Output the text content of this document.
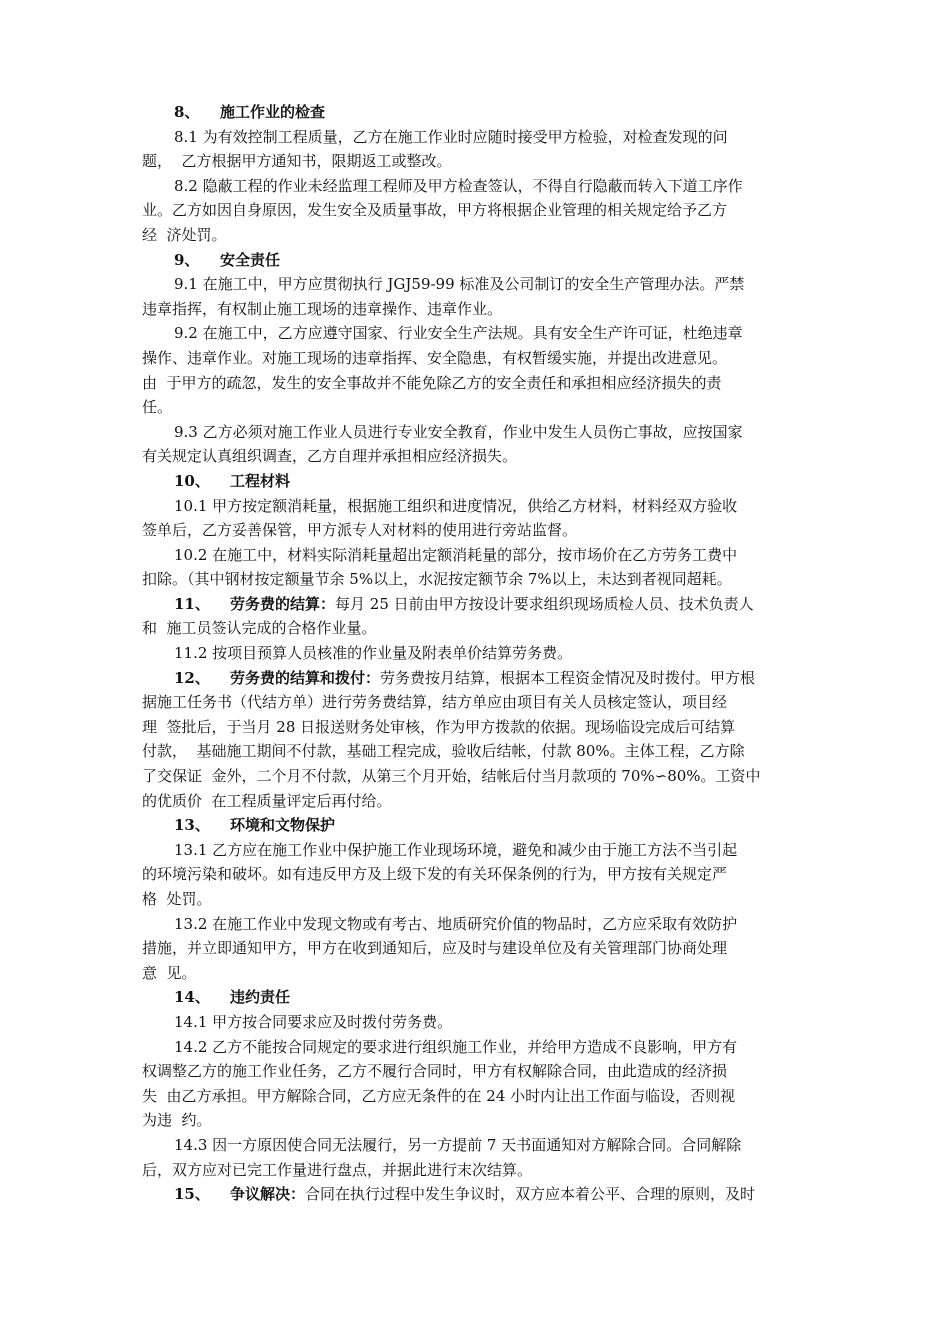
8、 施工作业的检查
8.1 为有效控制工程质量，乙方在施工作业时应随时接受甲方检验，对检查发现的问
题，  乙方根据甲方通知书，限期返工或整改。
8.2 隐蔽工程的作业未经监理工程师及甲方检查签认，不得自行隐蔽而转入下道工序作
业。乙方如因自身原因，发生安全及质量事故，甲方将根据企业管理的相关规定给予乙方
经  济处罚。
9、 安全责任
9.1 在施工中，甲方应贯彻执行 JGJ59-99 标准及公司制订的安全生产管理办法。严禁
违章指挥，有权制止施工现场的违章操作、违章作业。
9.2 在施工中，乙方应遵守国家、行业安全生产法规。具有安全生产许可证，杜绝违章
操作、违章作业。对施工现场的违章指挥、安全隐患，有权暂缓实施，并提出改进意见。
由  于甲方的疏忽，发生的安全事故并不能免除乙方的安全责任和承担相应经济损失的责
任。
9.3 乙方必须对施工作业人员进行专业安全教育，作业中发生人员伤亡事故，应按国家
有关规定认真组织调查，乙方自理并承担相应经济损失。
10、 工程材料
10.1 甲方按定额消耗量，根据施工组织和进度情况，供给乙方材料，材料经双方验收
签单后，乙方妥善保管，甲方派专人对材料的使用进行旁站监督。
10.2 在施工中，材料实际消耗量超出定额消耗量的部分，按市场价在乙方劳务工费中
扣除。（其中钢材按定额量节余 5%以上，水泥按定额节余 7%以上，未达到者视同超耗。
11、 劳务费的结算：每月 25 日前由甲方按设计要求组织现场质检人员、技术负责人
和  施工员签认完成的合格作业量。
11.2 按项目预算人员核准的作业量及附表单价结算劳务费。
12、 劳务费的结算和拨付：劳务费按月结算，根据本工程资金情况及时拨付。甲方根
据施工任务书（代结方单）进行劳务费结算，结方单应由项目有关人员核定签认，项目经
理  签批后，于当月 28 日报送财务处审核，作为甲方拨款的依据。现场临设完成后可结算
付款，  基础施工期间不付款，基础工程完成，验收后结帐，付款 80%。主体工程，乙方除
了交保证  金外，二个月不付款，从第三个月开始，结帐后付当月款项的 70%∽80%。工资中
的优质价  在工程质量评定后再付给。
13、 环境和文物保护
13.1 乙方应在施工作业中保护施工作业现场环境，避免和减少由于施工方法不当引起
的环境污染和破坏。如有违反甲方及上级下发的有关环保条例的行为，甲方按有关规定严
格  处罚。
13.2 在施工作业中发现文物或有考古、地质研究价值的物品时，乙方应采取有效防护
措施，并立即通知甲方，甲方在收到通知后，应及时与建设单位及有关管理部门协商处理
意  见。
14、 违约责任
14.1 甲方按合同要求应及时拨付劳务费。
14.2 乙方不能按合同规定的要求进行组织施工作业，并给甲方造成不良影响，甲方有
权调整乙方的施工作业任务，乙方不履行合同时，甲方有权解除合同，由此造成的经济损
失  由乙方承担。甲方解除合同，乙方应无条件的在 24 小时内让出工作面与临设，否则视
为违  约。
14.3 因一方原因使合同无法履行，另一方提前 7 天书面通知对方解除合同。合同解除
后，双方应对已完工作量进行盘点，并据此进行末次结算。
15、 争议解决：合同在执行过程中发生争议时，双方应本着公平、合理的原则，及时
